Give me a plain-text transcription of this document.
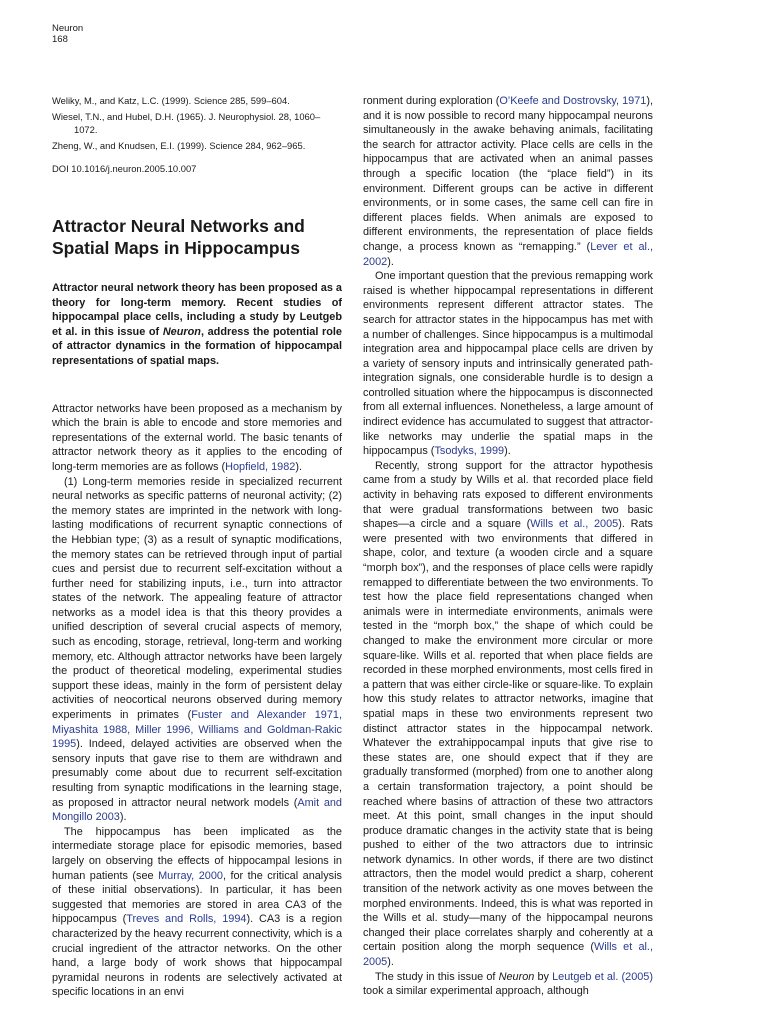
Neuron
168

Weliky, M., and Katz, L.C. (1999). Science 285, 599–604.

Wiesel, T.N., and Hubel, D.H. (1965). J. Neurophysiol. 28, 1060–1072.

Zheng, W., and Knudsen, E.I. (1999). Science 284, 962–965.

DOI 10.1016/j.neuron.2005.10.007

Attractor Neural Networks and Spatial Maps in Hippocampus

Attractor neural network theory has been proposed as a theory for long-term memory. Recent studies of hippocampal place cells, including a study by Leutgeb et al. in this issue of Neuron, address the potential role of attractor dynamics in the formation of hippocampal representations of spatial maps.

Attractor networks have been proposed as a mechanism by which the brain is able to encode and store memories and representations of the external world. The basic tenants of attractor network theory as it applies to the encoding of long-term memories are as follows (Hopfield, 1982).

(1) Long-term memories reside in specialized recurrent neural networks as specific patterns of neuronal activity; (2) the memory states are imprinted in the network with long-lasting modifications of recurrent synaptic connections of the Hebbian type; (3) as a result of synaptic modifications, the memory states can be retrieved through input of partial cues and persist due to recurrent self-excitation without a further need for stabilizing inputs, i.e., turn into attractor states of the network. The appealing feature of attractor networks as a model idea is that this theory provides a unified description of several crucial aspects of memory, such as encoding, storage, retrieval, long-term and working memory, etc. Although attractor networks have been largely the product of theoretical modeling, experimental studies support these ideas, mainly in the form of persistent delay activities of neocortical neurons observed during memory experiments in primates (Fuster and Alexander 1971, Miyashita 1988, Miller 1996, Williams and Goldman-Rakic 1995). Indeed, delayed activities are observed when the sensory inputs that gave rise to them are withdrawn and presumably come about due to recurrent self-excitation resulting from synaptic modifications in the learning stage, as proposed in attractor neural network models (Amit and Mongillo 2003).

The hippocampus has been implicated as the intermediate storage place for episodic memories, based largely on observing the effects of hippocampal lesions in human patients (see Murray, 2000, for the critical analysis of these initial observations). In particular, it has been suggested that memories are stored in area CA3 of the hippocampus (Treves and Rolls, 1994). CA3 is a region characterized by the heavy recurrent connectivity, which is a crucial ingredient of the attractor networks. On the other hand, a large body of work shows that hippocampal pyramidal neurons in rodents are selectively activated at specific locations in an envi

ronment during exploration (O’Keefe and Dostrovsky, 1971), and it is now possible to record many hippocampal neurons simultaneously in the awake behaving animals, facilitating the search for attractor activity. Place cells are cells in the hippocampus that are activated when an animal passes through a specific location (the “place field”) in its environment. Different groups can be active in different environments, or in some cases, the same cell can fire in different places fields. When animals are exposed to different environments, the representation of place fields change, a process known as “remapping.” (Lever et al., 2002).

One important question that the previous remapping work raised is whether hippocampal representations in different environments represent different attractor states. The search for attractor states in the hippocampus has met with a number of challenges. Since hippocampus is a multimodal integration area and hippocampal place cells are driven by a variety of sensory inputs and intrinsically generated path-integration signals, one considerable hurdle is to design a controlled situation where the hippocampus is disconnected from all external influences. Nonetheless, a large amount of indirect evidence has accumulated to suggest that attractor-like networks may underlie the spatial maps in the hippocampus (Tsodyks, 1999).

Recently, strong support for the attractor hypothesis came from a study by Wills et al. that recorded place field activity in behaving rats exposed to different environments that were gradual transformations between two basic shapes—a circle and a square (Wills et al., 2005). Rats were presented with two environments that differed in shape, color, and texture (a wooden circle and a square “morph box”), and the responses of place cells were rapidly remapped to differentiate between the two environments. To test how the place field representations changed when animals were in intermediate environments, animals were tested in the “morph box,” the shape of which could be changed to make the environment more circular or more square-like. Wills et al. reported that when place fields are recorded in these morphed environments, most cells fired in a pattern that was either circle-like or square-like. To explain how this study relates to attractor networks, imagine that spatial maps in these two environments represent two distinct attractor states in the hippocampal network. Whatever the extrahippocampal inputs that give rise to these states are, one should expect that if they are gradually transformed (morphed) from one to another along a certain transformation trajectory, a point should be reached where basins of attraction of these two attractors meet. At this point, small changes in the input should produce dramatic changes in the activity state that is being pushed to either of the two attractors due to intrinsic network dynamics. In other words, if there are two distinct attractors, then the model would predict a sharp, coherent transition of the network activity as one moves between the morphed environments. Indeed, this is what was reported in the Wills et al. study—many of the hippocampal neurons changed their place correlates sharply and coherently at a certain position along the morph sequence (Wills et al., 2005).

The study in this issue of Neuron by Leutgeb et al. (2005) took a similar experimental approach, although
